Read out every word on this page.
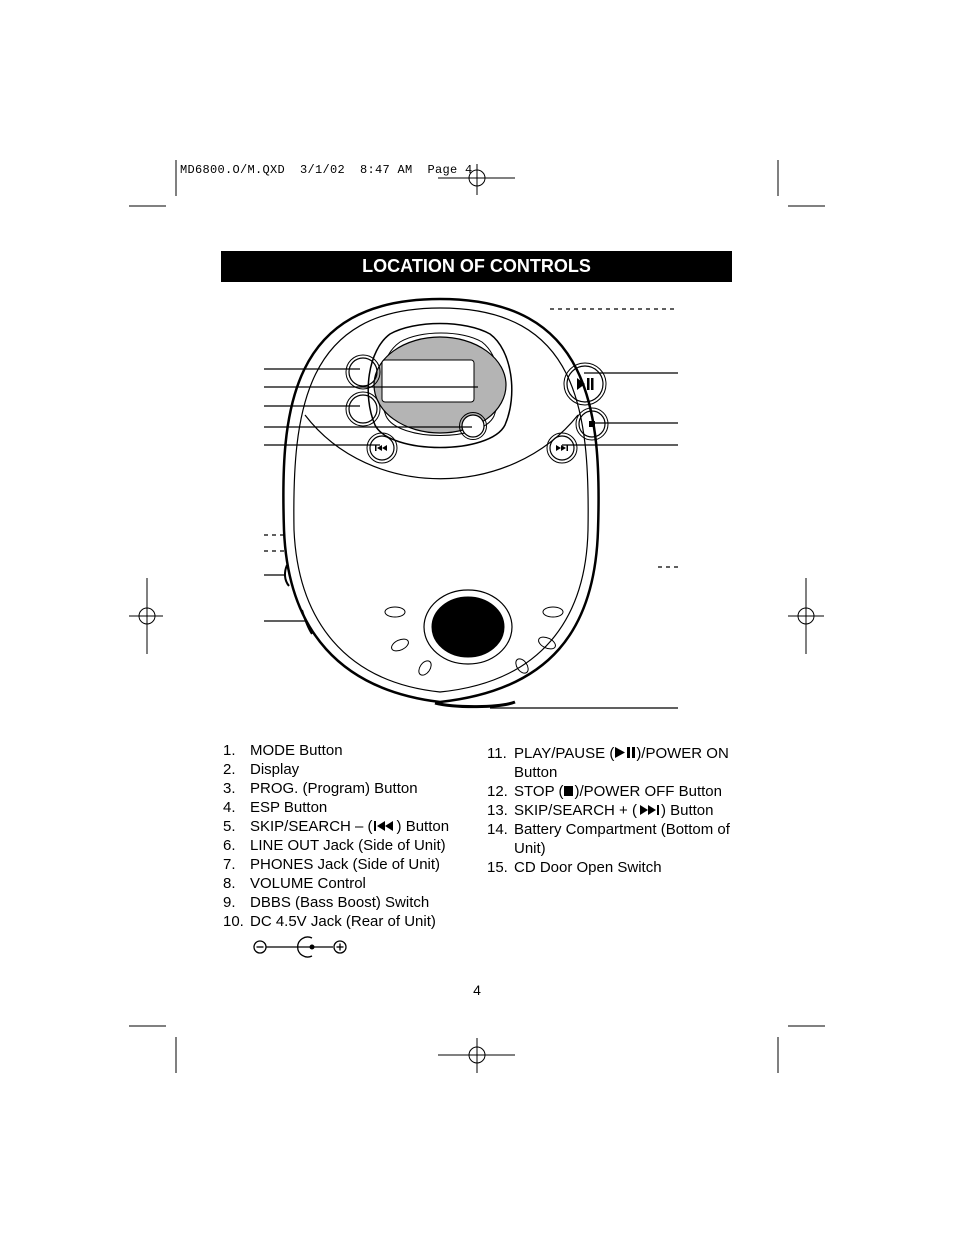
MD6800.O/M.QXD  3/1/02  8:47 AM  Page 4
LOCATION OF CONTROLS
1. MODE Button
2. Display
3. PROG. (Program) Button
4. ESP Button
5. SKIP/SEARCH – ( ) Button
6. LINE OUT Jack (Side of Unit)
7. PHONES Jack (Side of Unit)
8. VOLUME Control
9. DBBS (Bass Boost) Switch
10. DC 4.5V Jack (Rear of Unit)
11. PLAY/PAUSE ( )/POWER ON Button
12. STOP ( )/POWER OFF Button
13. SKIP/SEARCH + ( ) Button
14. Battery Compartment (Bottom of Unit)
15. CD Door Open Switch
4
